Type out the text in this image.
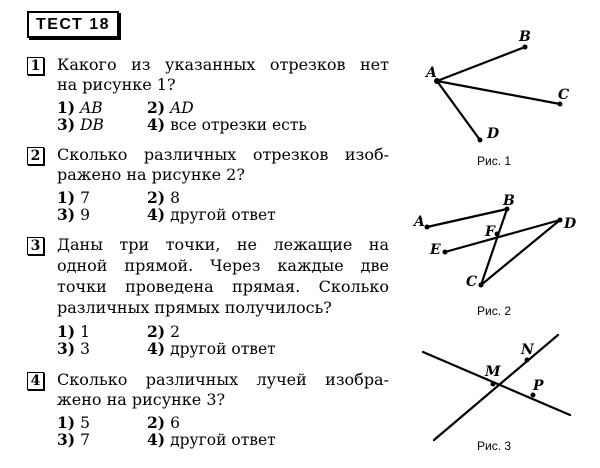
ТЕСТ 18
1 Какого из указанных отрезков нет
на рисунке 1?
1) AB	2) AD
3) DB	4) все отрезки есть
2 Сколько различных отрезков изоб-
ражено на рисунке 2?
1) 7	2) 8
3) 9	4) другой ответ
3 Даны три точки, не лежащие на
одной прямой. Через каждые две
точки проведена прямая. Сколько
различных прямых получилось?
1) 1	2) 2
3) 3	4) другой ответ
4 Сколько различных лучей изобра-
жено на рисунке 3?
1) 5	2) 6
3) 7	4) другой ответ
A
B
C
D
A
B
D
F
E
C
M
N
P
Рис. 1
Рис. 2
Рис. 3
